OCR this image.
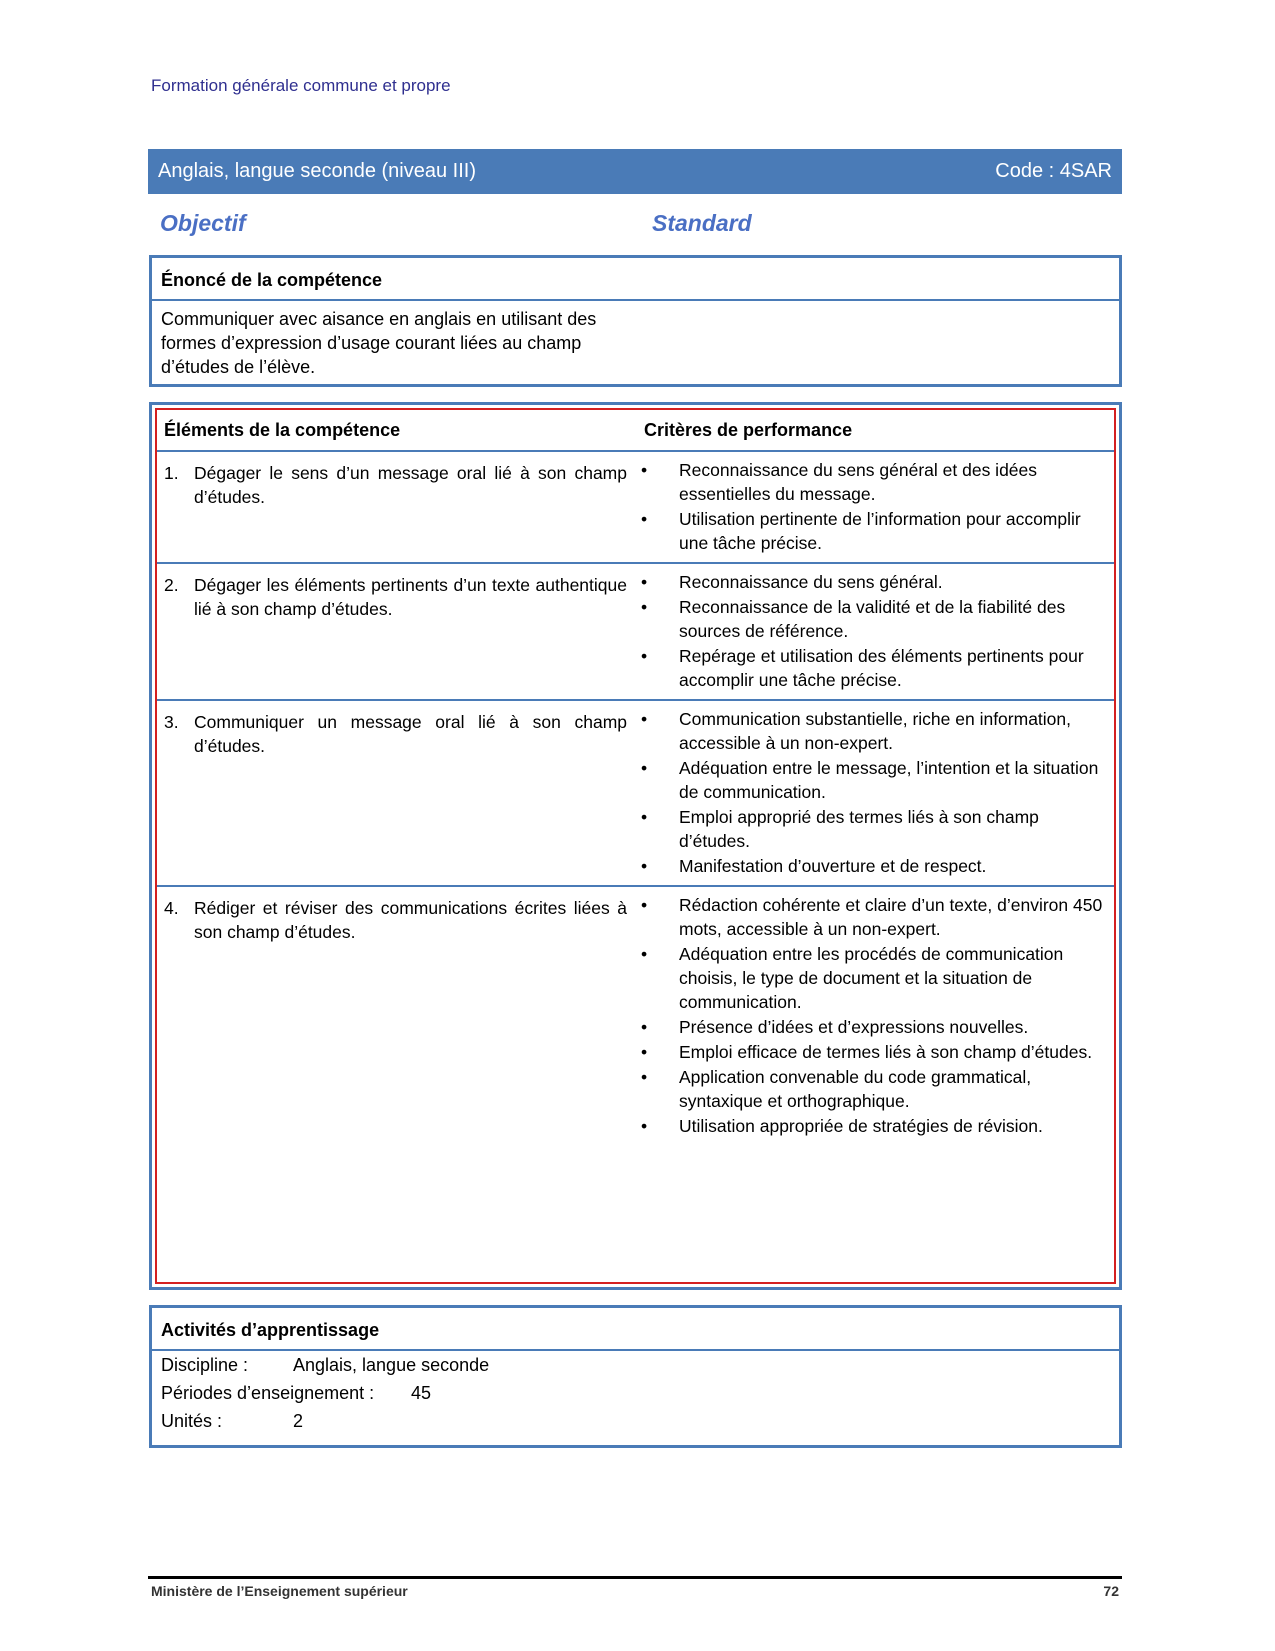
Formation générale commune et propre
Anglais, langue seconde (niveau III)	Code : 4SAR
Objectif	Standard
Énoncé de la compétence
Communiquer avec aisance en anglais en utilisant des formes d’expression d’usage courant liées au champ d’études de l’élève.
Éléments de la compétence	Critères de performance
1. Dégager le sens d’un message oral lié à son champ d’études.
•	Reconnaissance du sens général et des idées essentielles du message.
•	Utilisation pertinente de l’information pour accomplir une tâche précise.
2. Dégager les éléments pertinents d’un texte authentique lié à son champ d’études.
•	Reconnaissance du sens général.
•	Reconnaissance de la validité et de la fiabilité des sources de référence.
•	Repérage et utilisation des éléments pertinents pour accomplir une tâche précise.
3. Communiquer un message oral lié à son champ d’études.
•	Communication substantielle, riche en information, accessible à un non-expert.
•	Adéquation entre le message, l’intention et la situation de communication.
•	Emploi approprié des termes liés à son champ d’études.
•	Manifestation d’ouverture et de respect.
4. Rédiger et réviser des communications écrites liées à son champ d’études.
•	Rédaction cohérente et claire d’un texte, d’environ 450 mots, accessible à un non-expert.
•	Adéquation entre les procédés de communication choisis, le type de document et la situation de communication.
•	Présence d’idées et d’expressions nouvelles.
•	Emploi efficace de termes liés à son champ d’études.
•	Application convenable du code grammatical, syntaxique et orthographique.
•	Utilisation appropriée de stratégies de révision.
Activités d’apprentissage
Discipline :	Anglais, langue seconde
Périodes d’enseignement :	45
Unités :	2
Ministère de l’Enseignement supérieur	72
